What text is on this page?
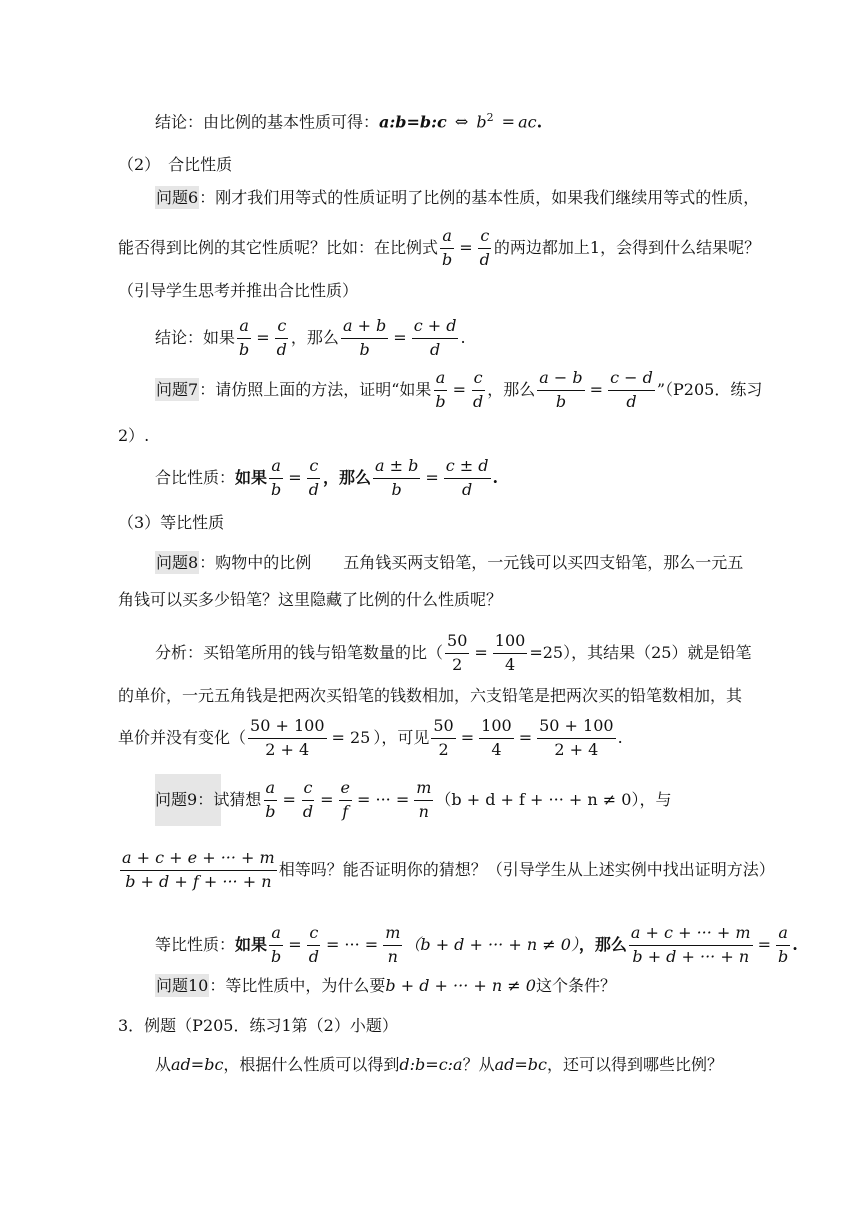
结论：由比例的基本性质可得：a:b=b:c ⇔ $b^2$ = ac.
（2）　合比性质
问题6：刚才我们用等式的性质证明了比例的基本性质，如果我们继续用等式的性质，
能否得到比例的其它性质呢？比如：在比例式 $\frac{a}{b} = \frac{c}{d}$ 的两边都加上1，会得到什么结果呢？
（引导学生思考并推出合比性质）
结论：如果 $\frac{a}{b} = \frac{c}{d}$ ，那么 $\frac{a + b}{b} = \frac{c + d}{d}$ .
问题7：请仿照上面的方法，证明“如果 $\frac{a}{b} = \frac{c}{d}$ ，那么 $\frac{a - b}{b} = \frac{c - d}{d}$ ”（P205．练习
2）.
合比性质：如果 $\frac{a}{b} = \frac{c}{d}$ ，那么 $\frac{a \pm b}{b} = \frac{c \pm d}{d}$ .
（3）等比性质
问题8：购物中的比例　　五角钱买两支铅笔，一元钱可以买四支铅笔，那么一元五
角钱可以买多少铅笔？这里隐藏了比例的什么性质呢？
分析：买铅笔所用的钱与铅笔数量的比（ $\frac{50}{2} = \frac{100}{4} =25$），其结果（25）就是铅笔
的单价，一元五角钱是把两次买铅笔的钱数相加，六支铅笔是把两次买的铅笔数相加，其
单价并没有变化（ $\frac{50 + 100}{2 + 4} = 25$ ），可见 $\frac{50}{2} = \frac{100}{4} = \frac{50 + 100}{2 + 4}$ .
问题9：试猜想 $\frac{a}{b} = \frac{c}{d} = \frac{e}{f}$ = ··· = $\frac{m}{n} (b + d + f$ + ··· + n ≠ 0），与
$\frac{a + c + e + \cdot\cdot\cdot + m}{b + d + f + \cdot\cdot\cdot + n}$ 相等吗？能否证明你的猜想？（引导学生从上述实例中找出证明方法）
等比性质：如果 $\frac{a}{b} = \frac{c}{d}$ = ··· = $\frac{m}{n} (b + d$ + ··· + n ≠ 0），那么 $\frac{a + c + \cdot\cdot\cdot + m}{b + d + \cdot\cdot\cdot + n} = \frac{a}{b}$ .
问题10：等比性质中，为什么要b + d + ··· + n ≠ 0这个条件？
3．例题（P205．练习1第（2）小题）
从ad=bc，根据什么性质可以得到d:b=c:a？从ad=bc，还可以得到哪些比例？
